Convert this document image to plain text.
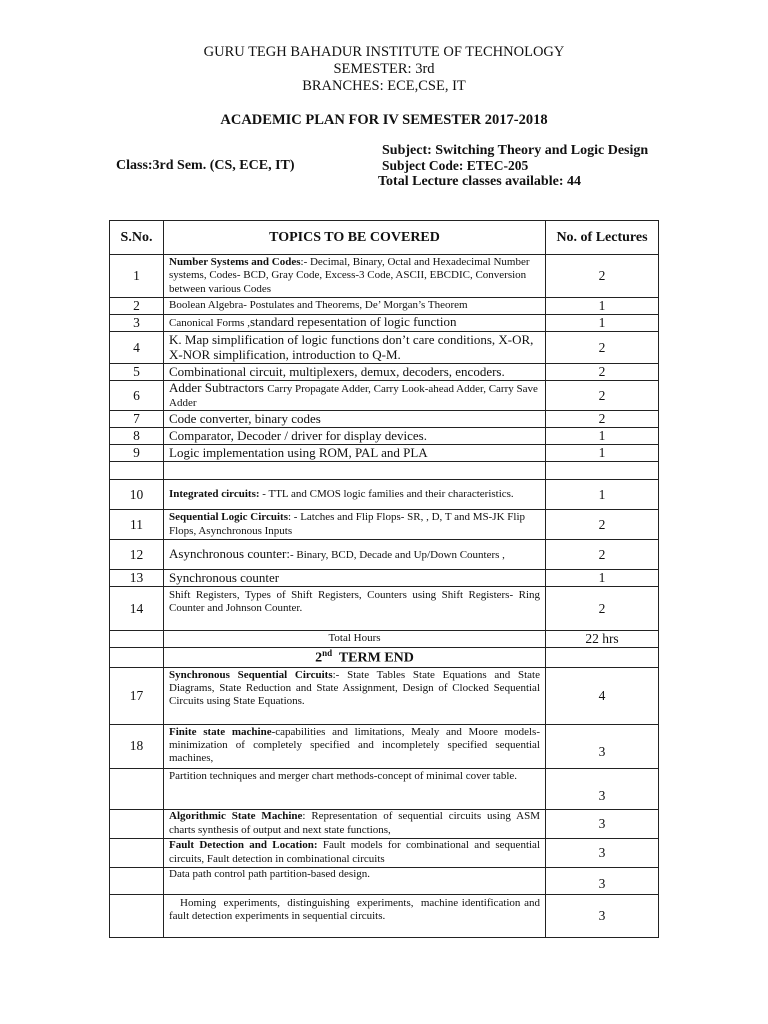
GURU TEGH BAHADUR INSTITUTE OF TECHNOLOGY
SEMESTER: 3rd
BRANCHES: ECE,CSE, IT
ACADEMIC PLAN FOR IV SEMESTER 2017-2018
Subject: Switching Theory and Logic Design
Class:3rd Sem. (CS, ECE, IT)	Subject Code: ETEC-205
Total Lecture classes available: 44
S.No.	TOPICS TO BE COVERED	No. of Lectures
1	Number Systems and Codes:- Decimal, Binary, Octal and Hexadecimal Number systems, Codes- BCD, Gray Code, Excess-3 Code, ASCII, EBCDIC, Conversion between various Codes	2
2	Boolean Algebra- Postulates and Theorems, De’ Morgan’s Theorem	1
3	Canonical Forms ,standard repesentation of logic function	1
4	K. Map simplification of logic functions don’t care conditions, X-OR, X-NOR simplification, introduction to Q-M.	2
5	Combinational circuit, multiplexers, demux, decoders, encoders.	2
6	Adder Subtractors Carry Propagate Adder, Carry Look-ahead Adder, Carry Save Adder	2
7	Code converter, binary codes	2
8	Comparator, Decoder / driver for display devices.	1
9	Logic implementation using ROM, PAL and PLA	1

10	Integrated circuits: - TTL and CMOS logic families and their characteristics.	1
11	Sequential Logic Circuits: - Latches and Flip Flops- SR, , D, T and MS-JK Flip Flops, Asynchronous Inputs	2
12	Asynchronous counter:- Binary, BCD, Decade and Up/Down Counters ,	2
13	Synchronous counter	1
14	Shift Registers, Types of Shift Registers, Counters using Shift Registers- Ring Counter and Johnson Counter.	2
	Total Hours	22 hrs
	2nd  TERM END	
17	Synchronous Sequential Circuits:- State Tables State Equations and State Diagrams, State Reduction and State Assignment, Design of Clocked Sequential Circuits using State Equations.	4
18	Finite state machine-capabilities and limitations, Mealy and Moore models-minimization of completely specified and incompletely specified sequential machines,	3
	Partition techniques and merger chart methods-concept of minimal cover table.	3
	Algorithmic State Machine: Representation of sequential circuits using ASM charts synthesis of output and next state functions,	3
	Fault Detection and Location: Fault models for combinational and sequential circuits, Fault detection in combinational circuits	3
	Data path control path partition-based design.	3
	Homing  experiments,  distinguishing  experiments,  machine identification and fault detection experiments in sequential circuits.	3
